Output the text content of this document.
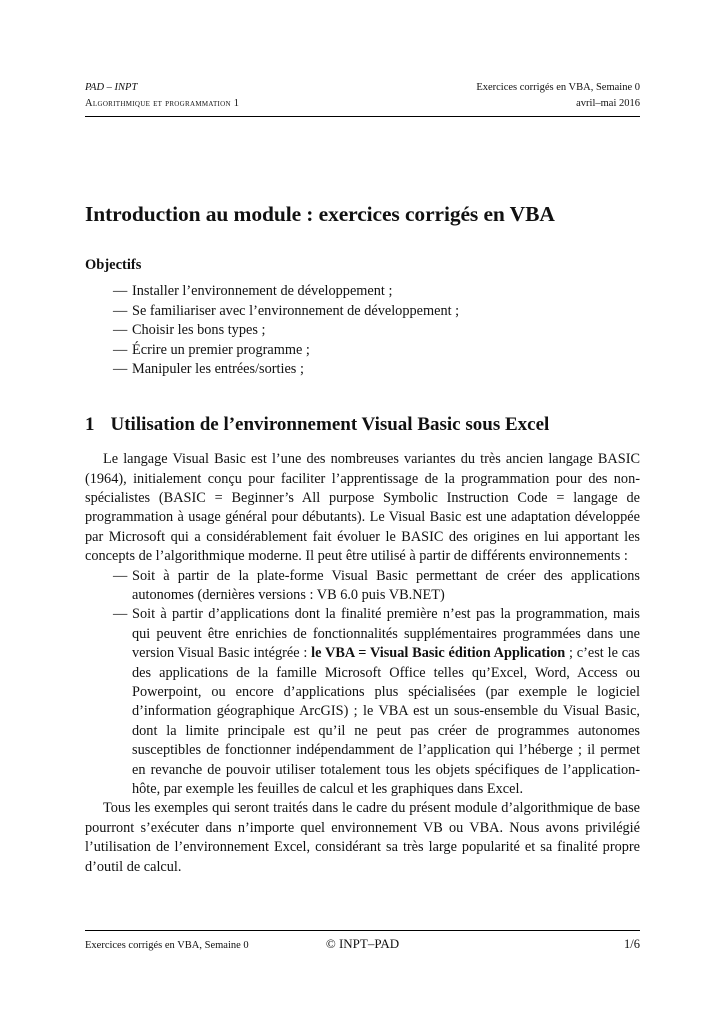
PAD – INPT
Algorithmique et programmation 1
Exercices corrigés en VBA, Semaine 0
avril–mai 2016
Introduction au module : exercices corrigés en VBA
Objectifs
— Installer l’environnement de développement ;
— Se familiariser avec l’environnement de développement ;
— Choisir les bons types ;
— Écrire un premier programme ;
— Manipuler les entrées/sorties ;
1 Utilisation de l’environnement Visual Basic sous Excel

Le langage Visual Basic est l’une des nombreuses variantes du très ancien langage BASIC (1964), initialement conçu pour faciliter l’apprentissage de la programmation pour des non-spécialistes (BASIC = Beginner’s All purpose Symbolic Instruction Code = langage de programmation à usage général pour débutants). Le Visual Basic est une adaptation développée par Microsoft qui a considérablement fait évoluer le BASIC des origines en lui apportant les concepts de l’algorithmique moderne. Il peut être utilisé à partir de différents environnements :

— Soit à partir de la plate-forme Visual Basic permettant de créer des applications autonomes (dernières versions : VB 6.0 puis VB.NET)
— Soit à partir d’applications dont la finalité première n’est pas la programmation, mais qui peuvent être enrichies de fonctionnalités supplémentaires programmées dans une version Visual Basic intégrée : le VBA = Visual Basic édition Application ; c’est le cas des applications de la famille Microsoft Office telles qu’Excel, Word, Access ou Powerpoint, ou encore d’applications plus spécialisées (par exemple le logiciel d’information géographique ArcGIS) ; le VBA est un sous-ensemble du Visual Basic, dont la limite principale est qu’il ne peut pas créer de programmes autonomes susceptibles de fonctionner indépendamment de l’application qui l’héberge ; il permet en revanche de pouvoir utiliser totalement tous les objets spécifiques de l’application-hôte, par exemple les feuilles de calcul et les graphiques dans Excel.

Tous les exemples qui seront traités dans le cadre du présent module d’algorithmique de base pourront s’exécuter dans n’importe quel environnement VB ou VBA. Nous avons privilégié l’utilisation de l’environnement Excel, considérant sa très large popularité et sa finalité propre d’outil de calcul.

Exercices corrigés en VBA, Semaine 0	© INPT–PAD	1/6
